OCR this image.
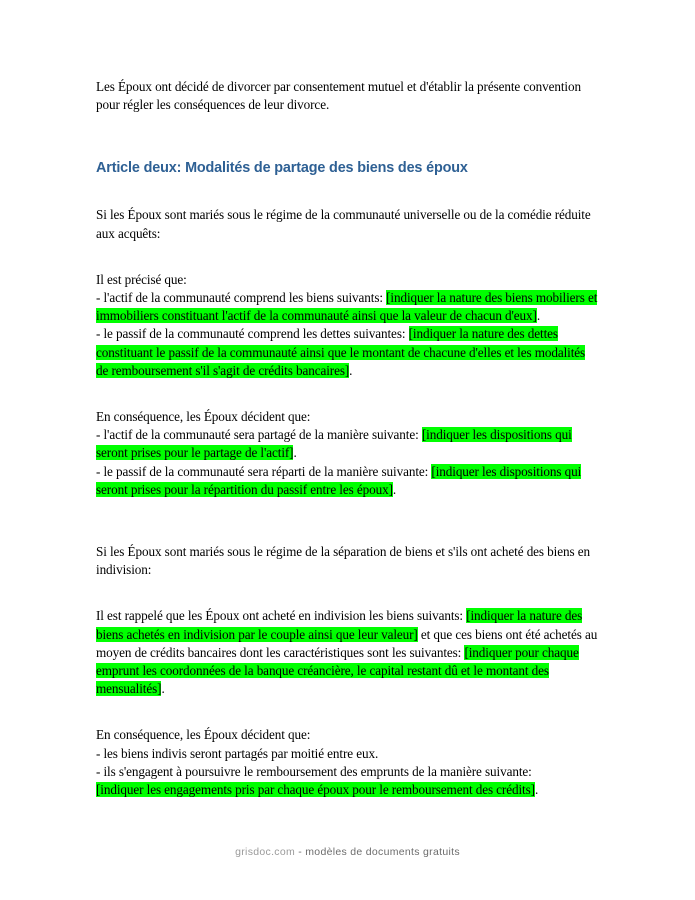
Les Époux ont décidé de divorcer par consentement mutuel et d'établir la présente convention pour régler les conséquences de leur divorce.

Article deux: Modalités de partage des biens des époux

Si les Époux sont mariés sous le régime de la communauté universelle ou de la comédie réduite aux acquêts:

Il est précisé que:

- l'actif de la communauté comprend les biens suivants: [indiquer la nature des biens mobiliers et immobiliers constituant l'actif de la communauté ainsi que la valeur de chacun d'eux].

- le passif de la communauté comprend les dettes suivantes: [indiquer la nature des dettes constituant le passif de la communauté ainsi que le montant de chacune d'elles et les modalités de remboursement s'il s'agit de crédits bancaires].

En conséquence, les Époux décident que:

- l'actif de la communauté sera partagé de la manière suivante: [indiquer les dispositions qui seront prises pour le partage de l'actif].

- le passif de la communauté sera réparti de la manière suivante: [indiquer les dispositions qui seront prises pour la répartition du passif entre les époux].

Si les Époux sont mariés sous le régime de la séparation de biens et s'ils ont acheté des biens en indivision:

Il est rappelé que les Époux ont acheté en indivision les biens suivants: [indiquer la nature des biens achetés en indivision par le couple ainsi que leur valeur] et que ces biens ont été achetés au moyen de crédits bancaires dont les caractéristiques sont les suivantes: [indiquer pour chaque emprunt les coordonnées de la banque créancière, le capital restant dû et le montant des mensualités].

En conséquence, les Époux décident que:

- les biens indivis seront partagés par moitié entre eux.

- ils s'engagent à poursuivre le remboursement des emprunts de la manière suivante:

[indiquer les engagements pris par chaque époux pour le remboursement des crédits].

grisdoc.com - modèles de documents gratuits
